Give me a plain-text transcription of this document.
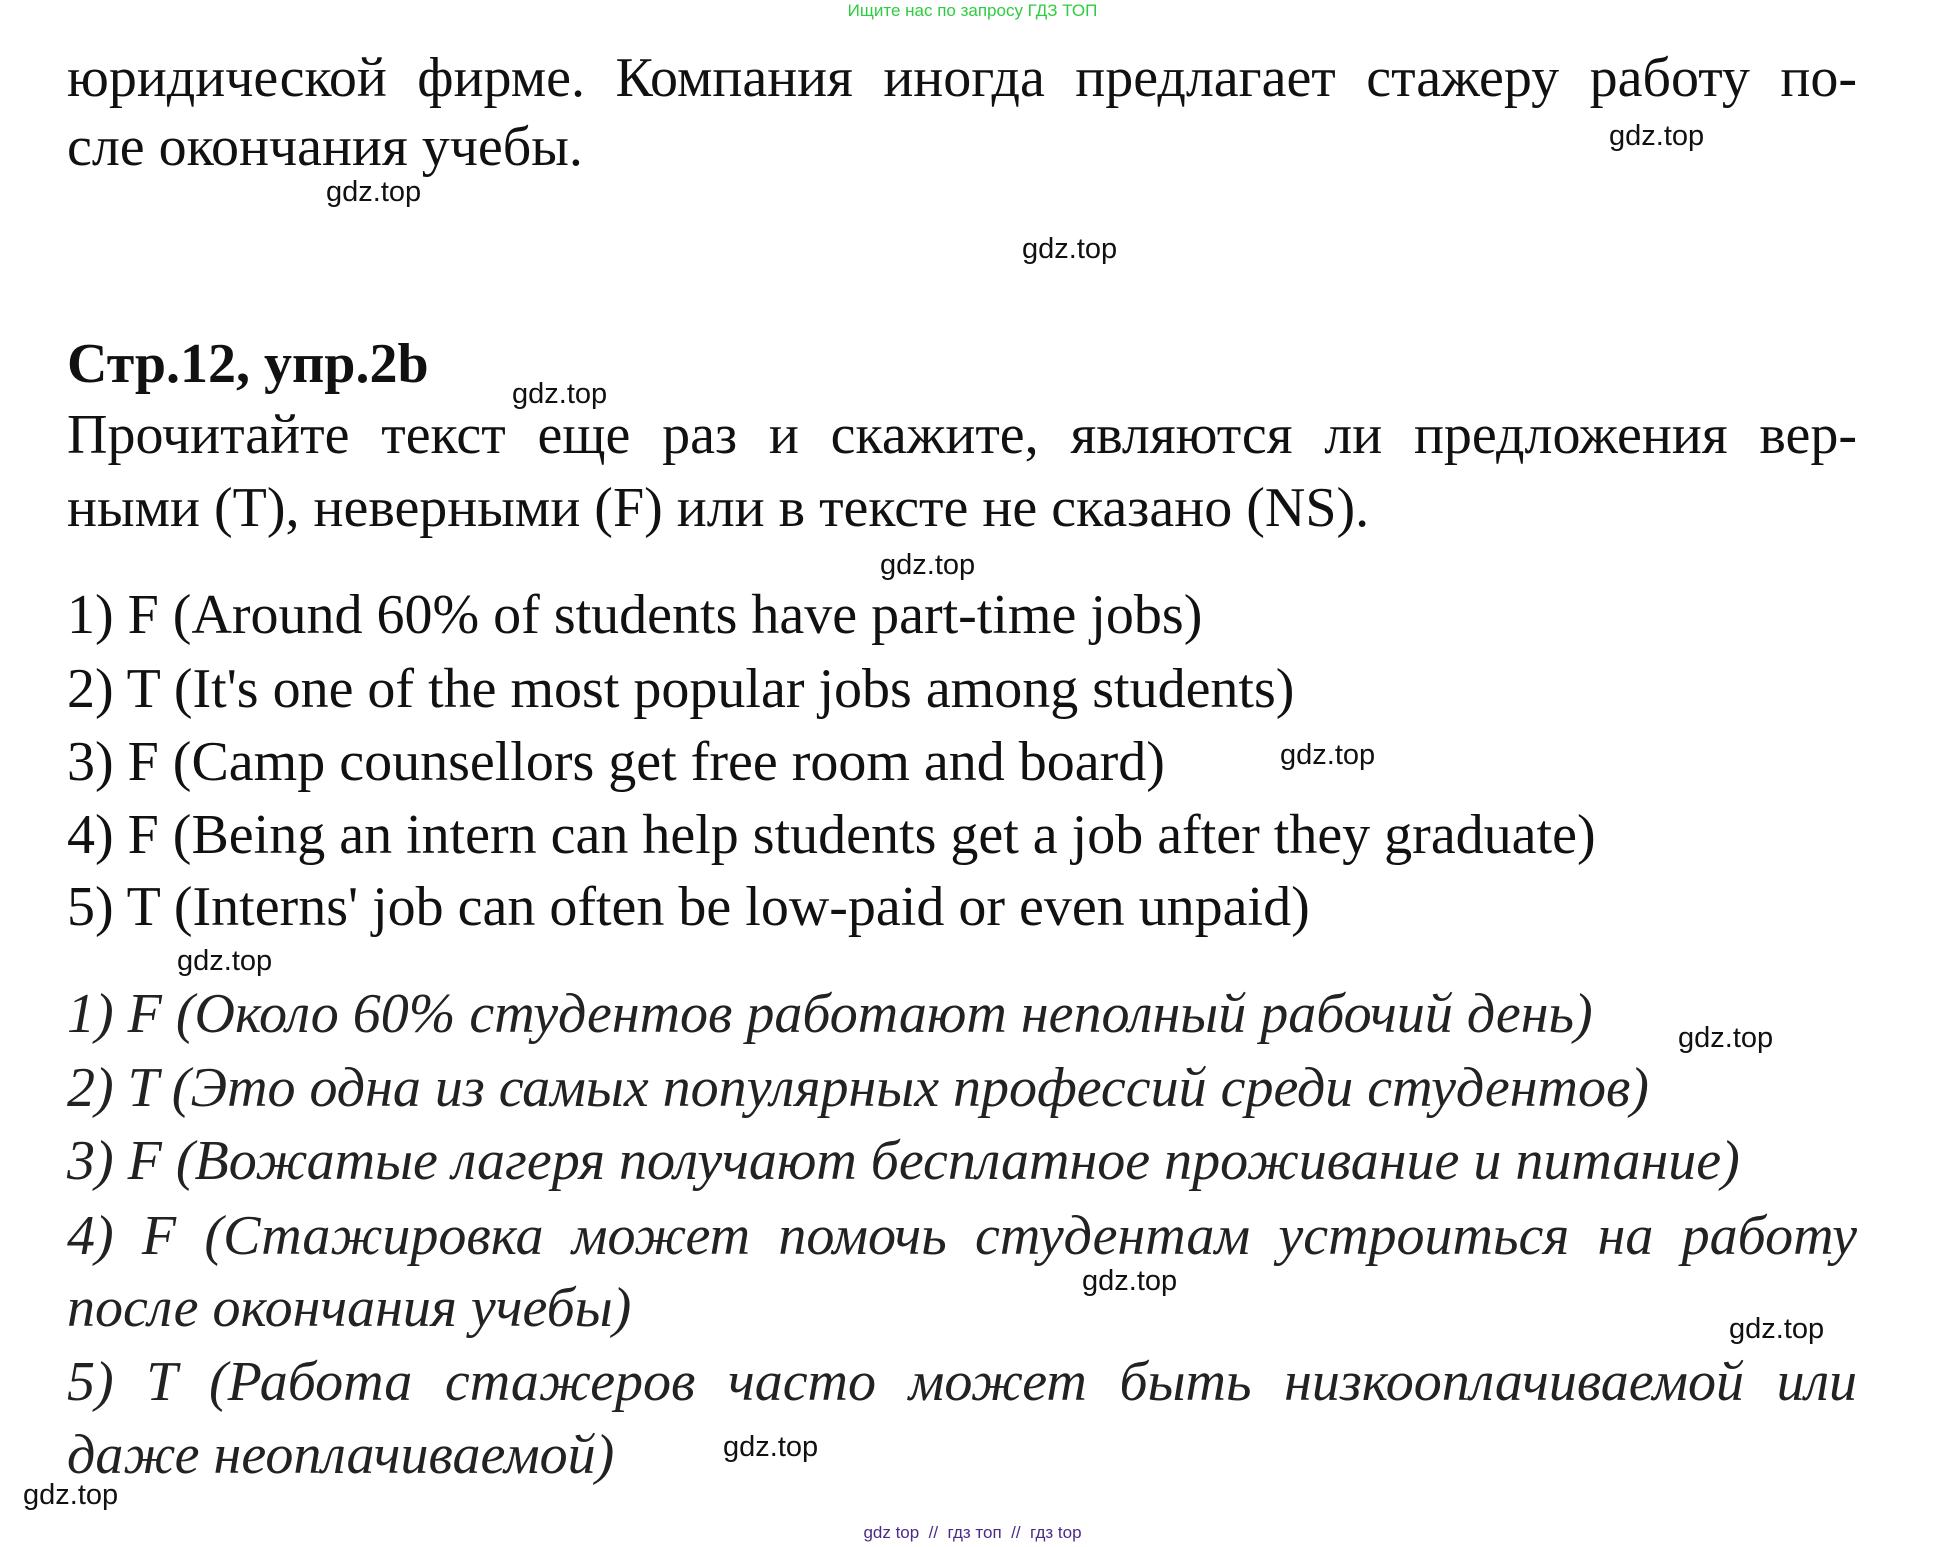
Ищите нас по запросу ГДЗ ТОП
юридической фирме. Компания иногда предлагает стажеру работу по-
сле окончания учебы.
Стр.12, упр.2b
Прочитайте текст еще раз и скажите, являются ли предложения вер-
ными (T), неверными (F) или в тексте не сказано (NS).
1) F (Around 60% of students have part-time jobs)
2) T (It's one of the most popular jobs among students)
3) F (Camp counsellors get free room and board)
4) F (Being an intern can help students get a job after they graduate)
5) T (Interns' job can often be low-paid or even unpaid)
1) F (Около 60% студентов работают неполный рабочий день)
2) T (Это одна из самых популярных профессий среди студентов)
3) F (Вожатые лагеря получают бесплатное проживание и питание)
4) F (Стажировка может помочь студентам устроиться на работу
после окончания учебы)
5) T (Работа стажеров часто может быть низкооплачиваемой или
даже неоплачиваемой)
gdz.top
gdz.top
gdz.top
gdz.top
gdz.top
gdz.top
gdz.top
gdz.top
gdz.top
gdz.top
gdz.top
gdz.top
gdz top  //  гдз топ  //  гдз top
